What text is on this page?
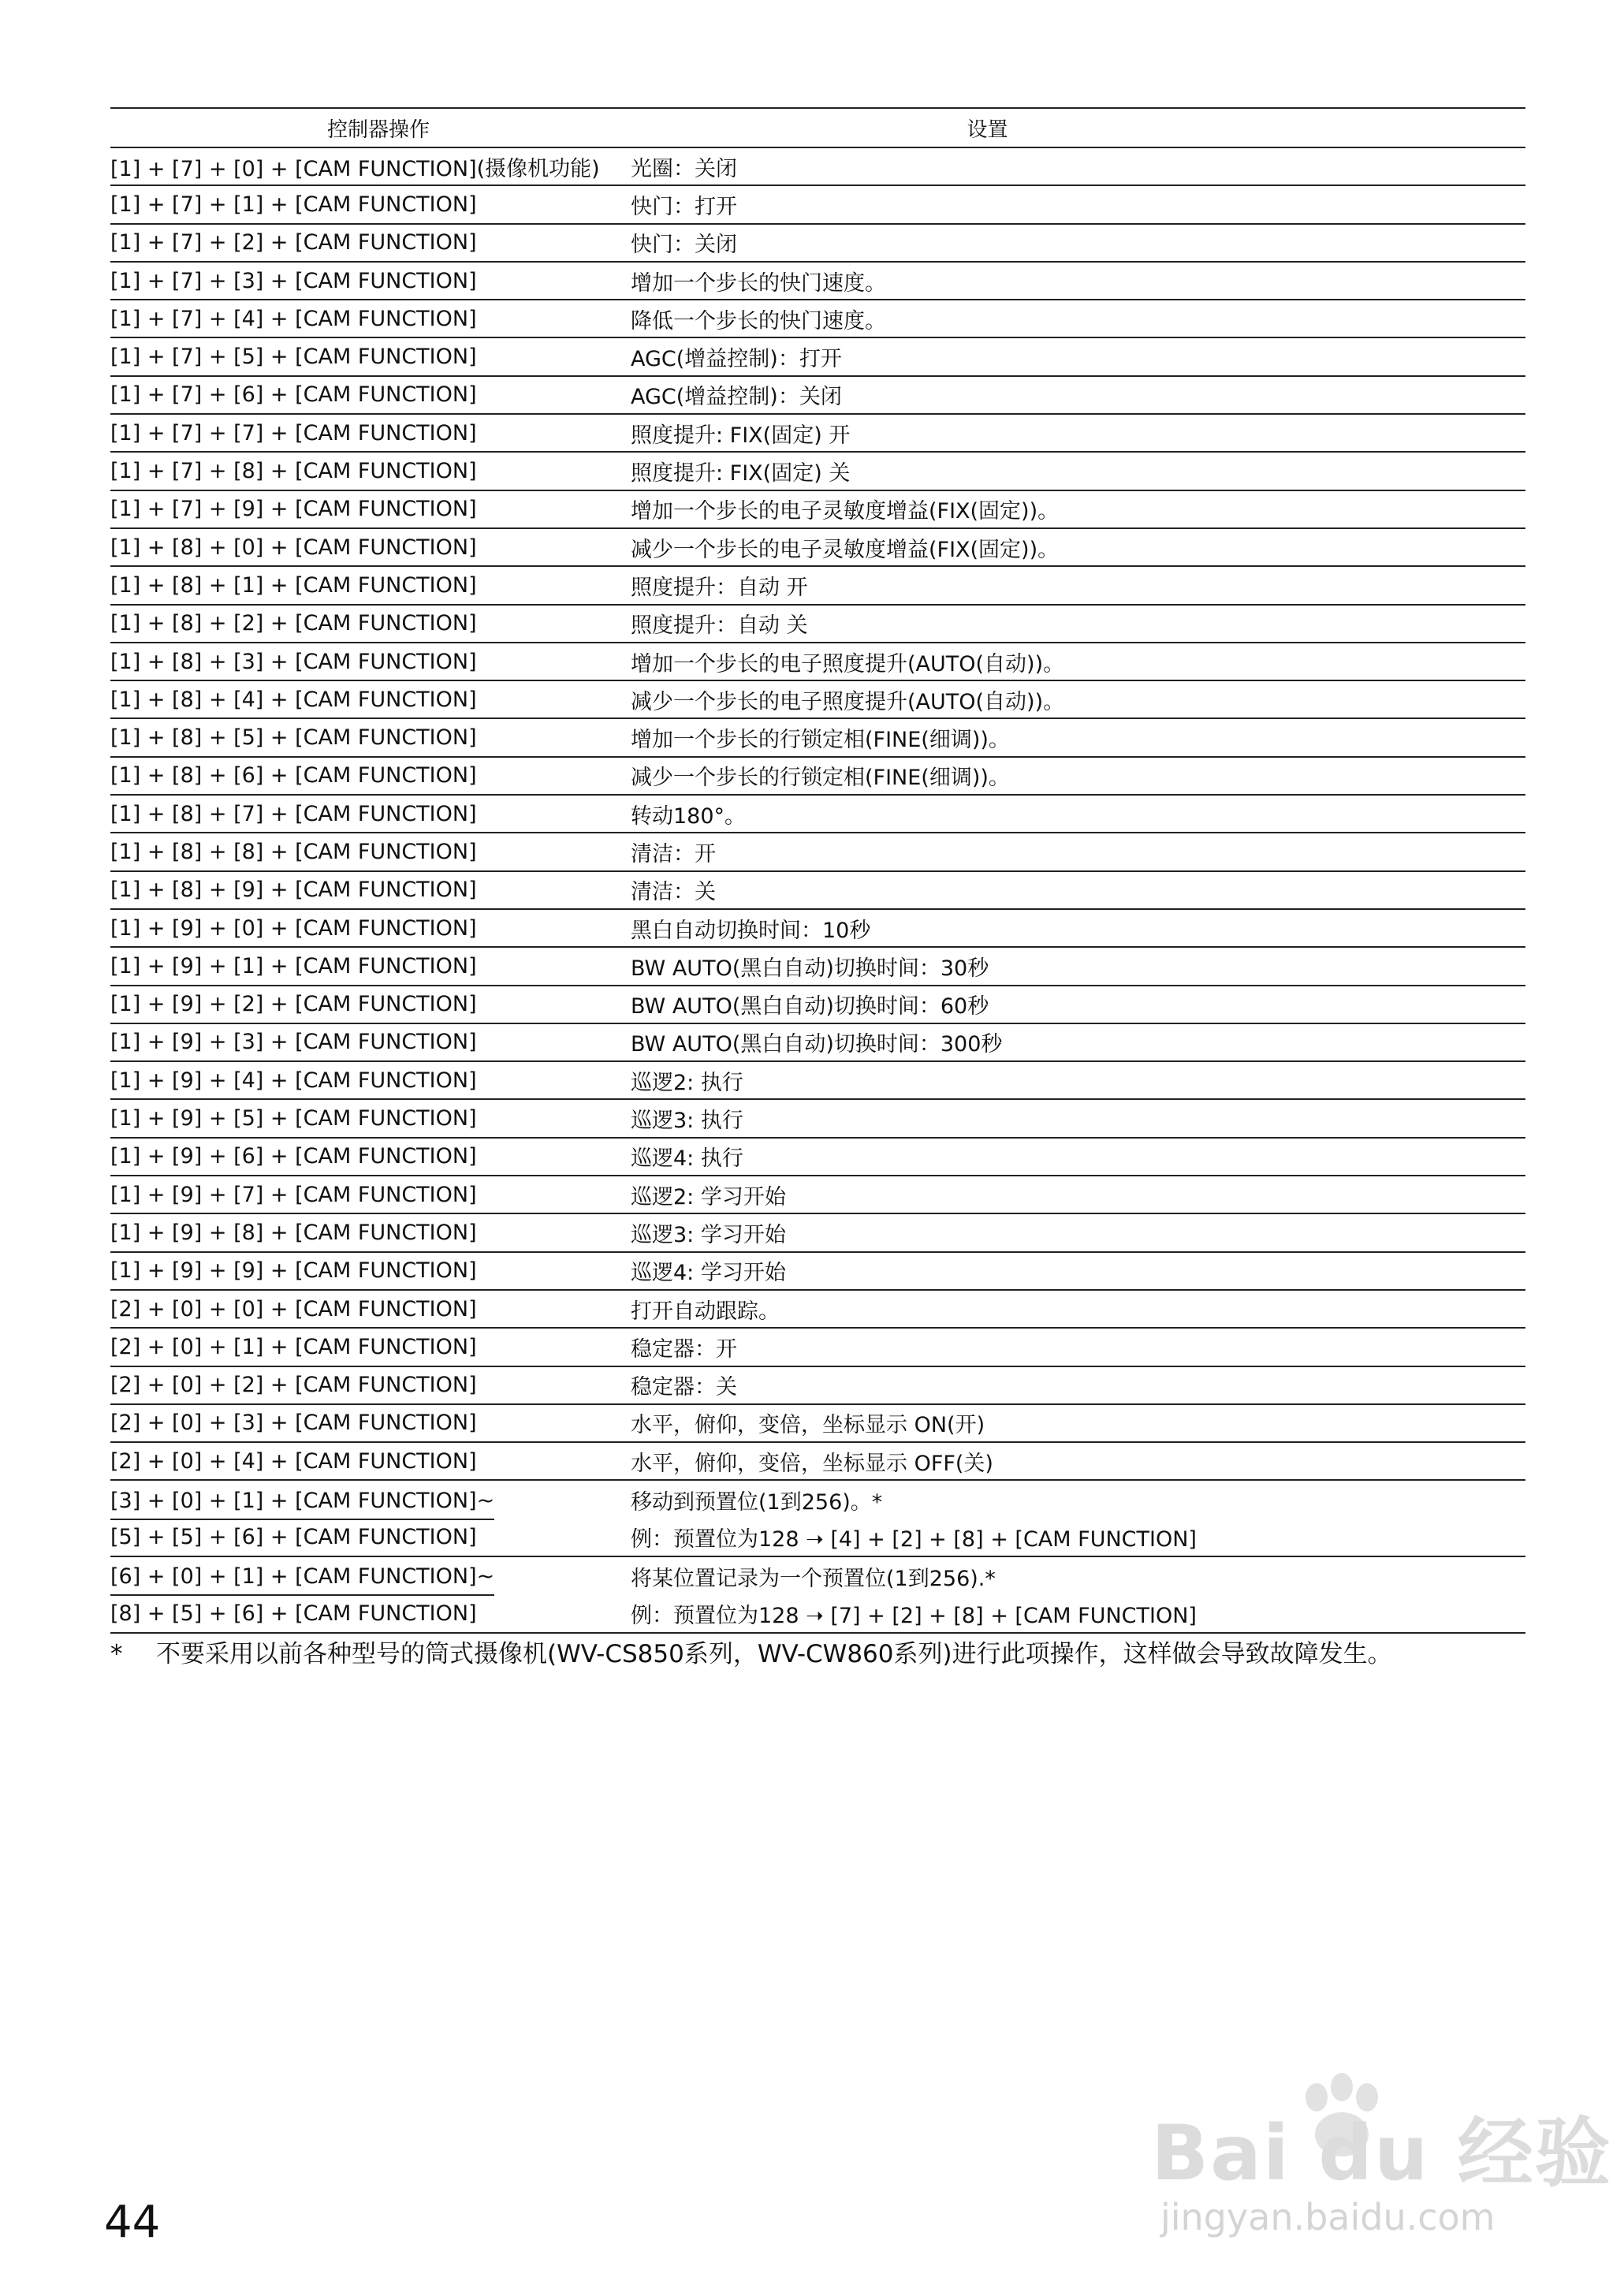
控制器操作	设置
[1] + [7] + [0] + [CAM FUNCTION](摄像机功能)	光圈：关闭
[1] + [7] + [1] + [CAM FUNCTION]	快门：打开
[1] + [7] + [2] + [CAM FUNCTION]	快门：关闭
[1] + [7] + [3] + [CAM FUNCTION]	增加一个步长的快门速度。
[1] + [7] + [4] + [CAM FUNCTION]	降低一个步长的快门速度。
[1] + [7] + [5] + [CAM FUNCTION]	AGC(增益控制)：打开
[1] + [7] + [6] + [CAM FUNCTION]	AGC(增益控制)：关闭
[1] + [7] + [7] + [CAM FUNCTION]	照度提升: FIX(固定) 开
[1] + [7] + [8] + [CAM FUNCTION]	照度提升: FIX(固定) 关
[1] + [7] + [9] + [CAM FUNCTION]	增加一个步长的电子灵敏度增益(FIX(固定))。
[1] + [8] + [0] + [CAM FUNCTION]	减少一个步长的电子灵敏度增益(FIX(固定))。
[1] + [8] + [1] + [CAM FUNCTION]	照度提升：自动 开
[1] + [8] + [2] + [CAM FUNCTION]	照度提升：自动 关
[1] + [8] + [3] + [CAM FUNCTION]	增加一个步长的电子照度提升(AUTO(自动))。
[1] + [8] + [4] + [CAM FUNCTION]	减少一个步长的电子照度提升(AUTO(自动))。
[1] + [8] + [5] + [CAM FUNCTION]	增加一个步长的行锁定相(FINE(细调))。
[1] + [8] + [6] + [CAM FUNCTION]	减少一个步长的行锁定相(FINE(细调))。
[1] + [8] + [7] + [CAM FUNCTION]	转动180°。
[1] + [8] + [8] + [CAM FUNCTION]	清洁：开
[1] + [8] + [9] + [CAM FUNCTION]	清洁：关
[1] + [9] + [0] + [CAM FUNCTION]	黑白自动切换时间：10秒
[1] + [9] + [1] + [CAM FUNCTION]	BW AUTO(黑白自动)切换时间：30秒
[1] + [9] + [2] + [CAM FUNCTION]	BW AUTO(黑白自动)切换时间：60秒
[1] + [9] + [3] + [CAM FUNCTION]	BW AUTO(黑白自动)切换时间：300秒
[1] + [9] + [4] + [CAM FUNCTION]	巡逻2: 执行
[1] + [9] + [5] + [CAM FUNCTION]	巡逻3: 执行
[1] + [9] + [6] + [CAM FUNCTION]	巡逻4: 执行
[1] + [9] + [7] + [CAM FUNCTION]	巡逻2: 学习开始
[1] + [9] + [8] + [CAM FUNCTION]	巡逻3: 学习开始
[1] + [9] + [9] + [CAM FUNCTION]	巡逻4: 学习开始
[2] + [0] + [0] + [CAM FUNCTION]	打开自动跟踪。
[2] + [0] + [1] + [CAM FUNCTION]	稳定器：开
[2] + [0] + [2] + [CAM FUNCTION]	稳定器：关
[2] + [0] + [3] + [CAM FUNCTION]	水平，俯仰，变倍，坐标显示 ON(开)
[2] + [0] + [4] + [CAM FUNCTION]	水平，俯仰，变倍，坐标显示 OFF(关)
[3] + [0] + [1] + [CAM FUNCTION]~	移动到预置位(1到256)。*
[5] + [5] + [6] + [CAM FUNCTION]	例：预置位为128 ➝ [4] + [2] + [8] + [CAM FUNCTION]
[6] + [0] + [1] + [CAM FUNCTION]~	将某位置记录为一个预置位(1到256).*
[8] + [5] + [6] + [CAM FUNCTION]	例：预置位为128 ➝ [7] + [2] + [8] + [CAM FUNCTION]
* 不要采用以前各种型号的筒式摄像机(WV-CS850系列，WV-CW860系列)进行此项操作，这样做会导致故障发生。
44
Bai du 经验
jingyan.baidu.com
